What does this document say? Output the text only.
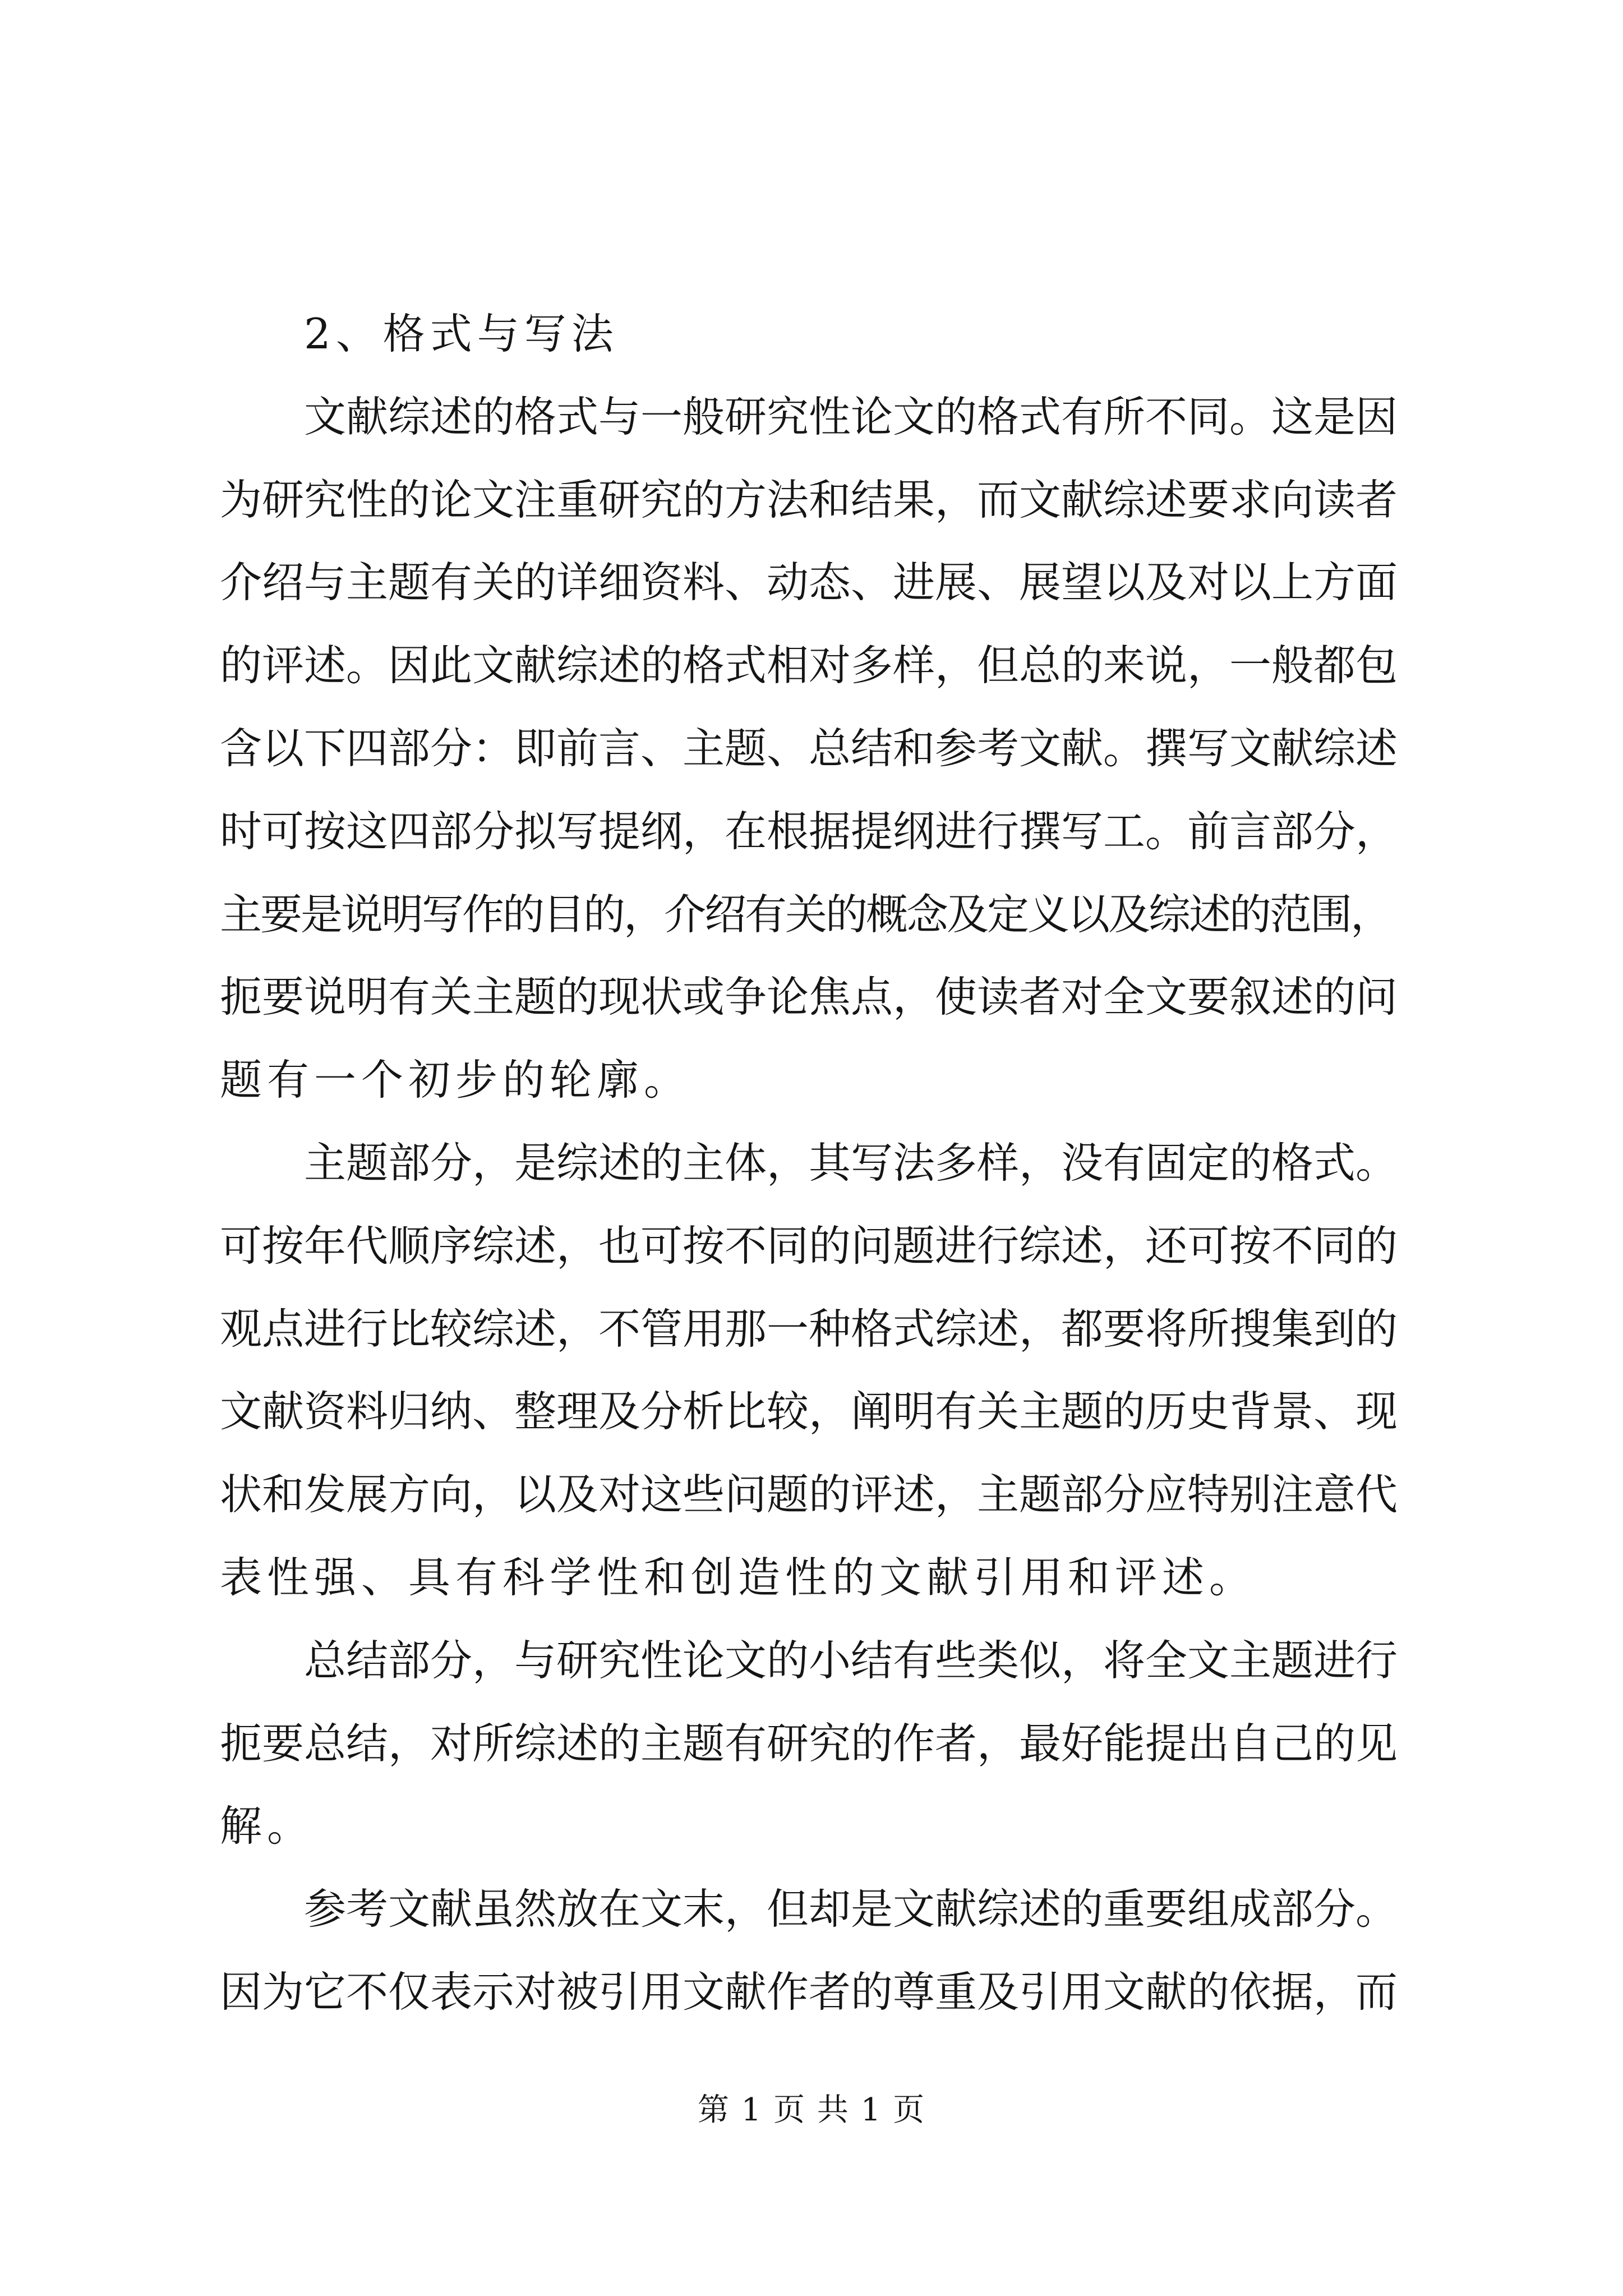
2、格式与写法
文献综述的格式与一般研究性论文的格式有所不同。这是因
为研究性的论文注重研究的方法和结果，而文献综述要求向读者
介绍与主题有关的详细资料、动态、进展、展望以及对以上方面
的评述。因此文献综述的格式相对多样，但总的来说，一般都包
含以下四部分：即前言、主题、总结和参考文献。撰写文献综述
时可按这四部分拟写提纲，在根据提纲进行撰写工。前言部分，
主要是说明写作的目的，介绍有关的概念及定义以及综述的范围，
扼要说明有关主题的现状或争论焦点，使读者对全文要叙述的问
题有一个初步的轮廓。
主题部分，是综述的主体，其写法多样，没有固定的格式。
可按年代顺序综述，也可按不同的问题进行综述，还可按不同的
观点进行比较综述，不管用那一种格式综述，都要将所搜集到的
文献资料归纳、整理及分析比较，阐明有关主题的历史背景、现
状和发展方向，以及对这些问题的评述，主题部分应特别注意代
表性强、具有科学性和创造性的文献引用和评述。
总结部分，与研究性论文的小结有些类似，将全文主题进行
扼要总结，对所综述的主题有研究的作者，最好能提出自己的见
解。
参考文献虽然放在文末，但却是文献综述的重要组成部分。
因为它不仅表示对被引用文献作者的尊重及引用文献的依据，而
第 1 页 共 1 页
